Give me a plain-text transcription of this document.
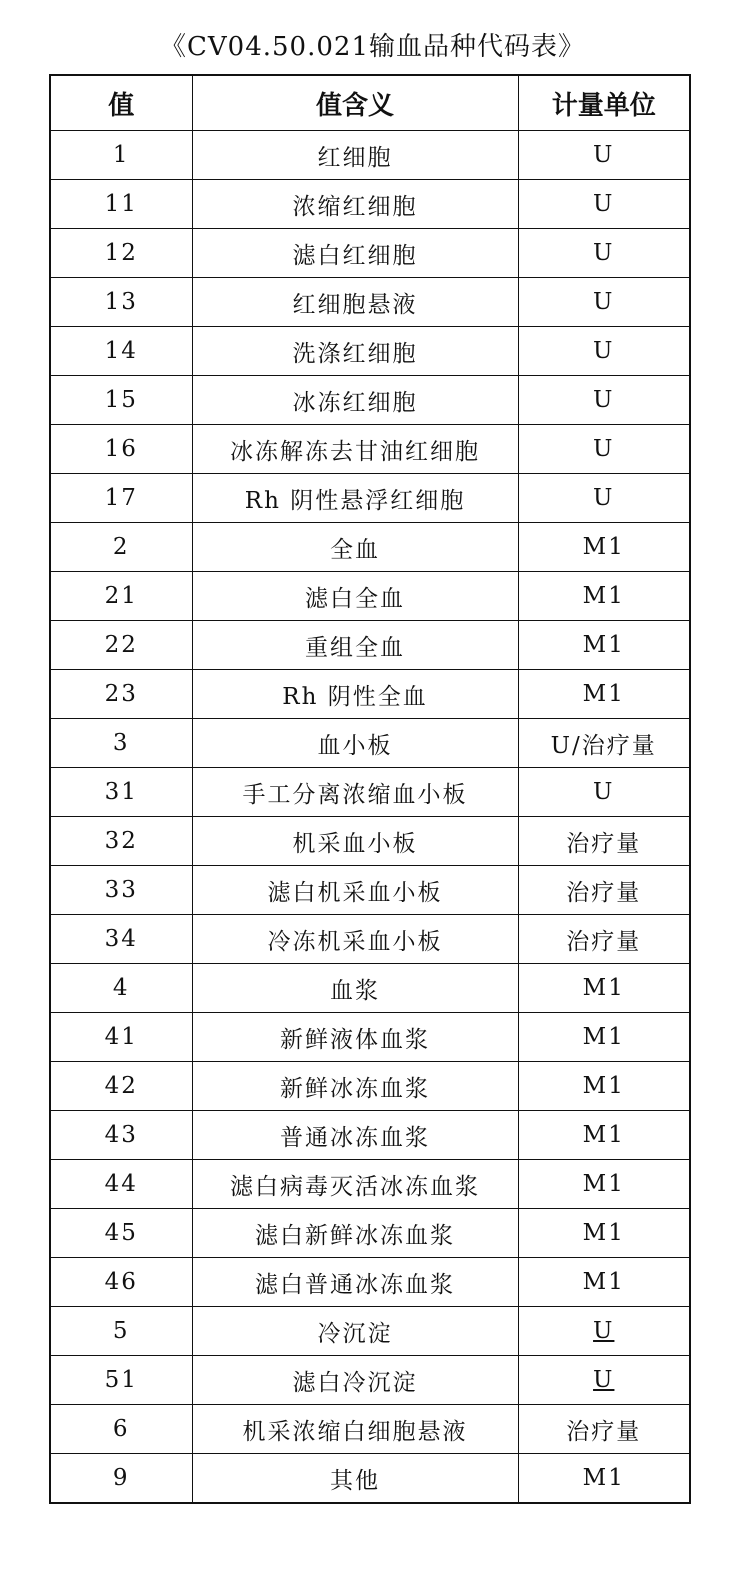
《CV04.50.021输血品种代码表》
值	值含义	计量单位
1	红细胞	U
11	浓缩红细胞	U
12	滤白红细胞	U
13	红细胞悬液	U
14	洗涤红细胞	U
15	冰冻红细胞	U
16	冰冻解冻去甘油红细胞	U
17	Rh 阴性悬浮红细胞	U
2	全血	M1
21	滤白全血	M1
22	重组全血	M1
23	Rh 阴性全血	M1
3	血小板	U/治疗量
31	手工分离浓缩血小板	U
32	机采血小板	治疗量
33	滤白机采血小板	治疗量
34	冷冻机采血小板	治疗量
4	血浆	M1
41	新鲜液体血浆	M1
42	新鲜冰冻血浆	M1
43	普通冰冻血浆	M1
44	滤白病毒灭活冰冻血浆	M1
45	滤白新鲜冰冻血浆	M1
46	滤白普通冰冻血浆	M1
5	冷沉淀	U
51	滤白冷沉淀	U
6	机采浓缩白细胞悬液	治疗量
9	其他	M1
